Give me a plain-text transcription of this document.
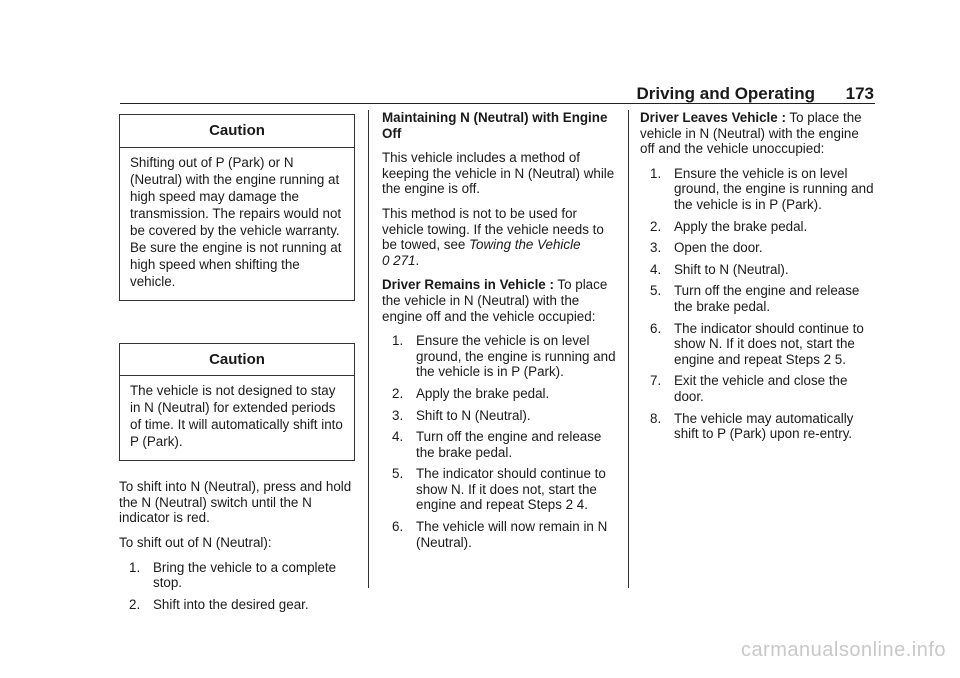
Driving and Operating 173
Caution
Shifting out of P (Park) or N (Neutral) with the engine running at high speed may damage the transmission. The repairs would not be covered by the vehicle warranty. Be sure the engine is not running at high speed when shifting the vehicle.
Caution
The vehicle is not designed to stay in N (Neutral) for extended periods of time. It will automatically shift into P (Park).

To shift into N (Neutral), press and hold the N (Neutral) switch until the N indicator is red.

To shift out of N (Neutral):

1. Bring the vehicle to a complete stop.
2. Shift into the desired gear.

Maintaining N (Neutral) with Engine Off

This vehicle includes a method of keeping the vehicle in N (Neutral) while the engine is off.

This method is not to be used for vehicle towing. If the vehicle needs to be towed, see Towing the Vehicle
0 271.

Driver Remains in Vehicle : To place the vehicle in N (Neutral) with the engine off and the vehicle occupied:

1. Ensure the vehicle is on level ground, the engine is running and the vehicle is in P (Park).
2. Apply the brake pedal.
3. Shift to N (Neutral).
4. Turn off the engine and release the brake pedal.
5. The indicator should continue to show N. If it does not, start the engine and repeat Steps 2 4.
6. The vehicle will now remain in N (Neutral).

Driver Leaves Vehicle : To place the vehicle in N (Neutral) with the engine off and the vehicle unoccupied:

1. Ensure the vehicle is on level ground, the engine is running and the vehicle is in P (Park).
2. Apply the brake pedal.
3. Open the door.
4. Shift to N (Neutral).
5. Turn off the engine and release the brake pedal.
6. The indicator should continue to show N. If it does not, start the engine and repeat Steps 2 5.
7. Exit the vehicle and close the door.
8. The vehicle may automatically shift to P (Park) upon re-entry.
carmanualsonline.info
